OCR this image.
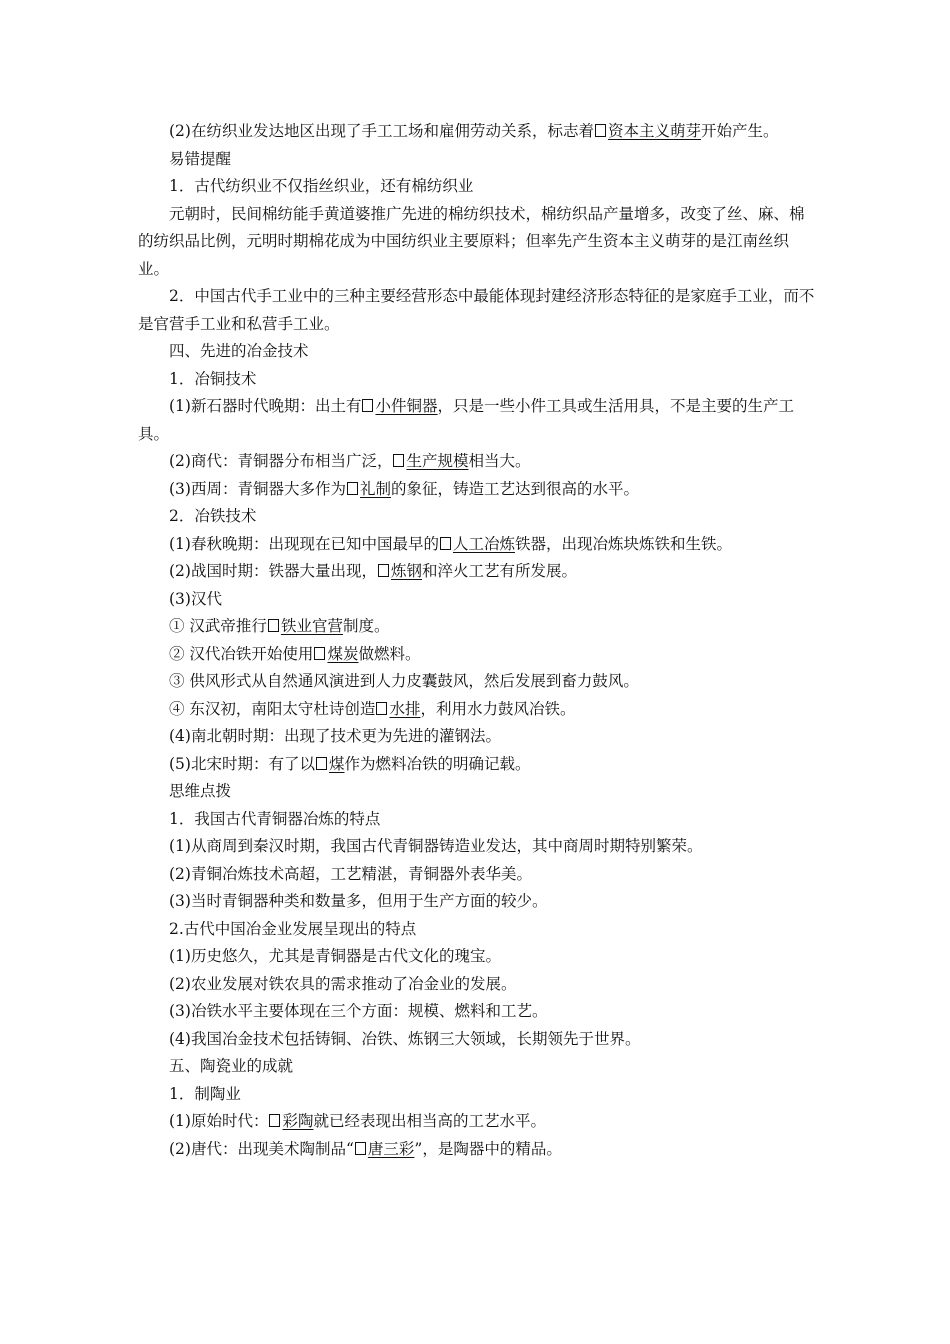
(2)在纺织业发达地区出现了手工工场和雇佣劳动关系，标志着 资本主义萌芽开始产生。
易错提醒
1．古代纺织业不仅指丝织业，还有棉纺织业
元朝时，民间棉纺能手黄道婆推广先进的棉纺织技术，棉纺织品产量增多，改变了丝、麻、棉的纺织品比例，元明时期棉花成为中国纺织业主要原料；但率先产生资本主义萌芽的是江南丝织业。
2．中国古代手工业中的三种主要经营形态中最能体现封建经济形态特征的是家庭手工业，而不是官营手工业和私营手工业。
四、先进的冶金技术
1．冶铜技术
(1)新石器时代晚期：出土有 小件铜器，只是一些小件工具或生活用具，不是主要的生产工具。
(2)商代：青铜器分布相当广泛， 生产规模相当大。
(3)西周：青铜器大多作为 礼制的象征，铸造工艺达到很高的水平。
2．冶铁技术
(1)春秋晚期：出现现在已知中国最早的 人工冶炼铁器，出现冶炼块炼铁和生铁。
(2)战国时期：铁器大量出现， 炼钢和淬火工艺有所发展。
(3)汉代
① 汉武帝推行 铁业官营制度。
② 汉代冶铁开始使用 煤炭做燃料。
③ 供风形式从自然通风演进到人力皮囊鼓风，然后发展到畜力鼓风。
④ 东汉初，南阳太守杜诗创造 水排，利用水力鼓风冶铁。
(4)南北朝时期：出现了技术更为先进的灌钢法。
(5)北宋时期：有了以 煤作为燃料冶铁的明确记载。
思维点拨
1．我国古代青铜器冶炼的特点
(1)从商周到秦汉时期，我国古代青铜器铸造业发达，其中商周时期特别繁荣。
(2)青铜冶炼技术高超，工艺精湛，青铜器外表华美。
(3)当时青铜器种类和数量多，但用于生产方面的较少。
2.古代中国冶金业发展呈现出的特点
(1)历史悠久，尤其是青铜器是古代文化的瑰宝。
(2)农业发展对铁农具的需求推动了冶金业的发展。
(3)冶铁水平主要体现在三个方面：规模、燃料和工艺。
(4)我国冶金技术包括铸铜、冶铁、炼钢三大领域，长期领先于世界。
五、陶瓷业的成就
1．制陶业
(1)原始时代： 彩陶就已经表现出相当高的工艺水平。
(2)唐代：出现美术陶制品“ 唐三彩”，是陶器中的精品。
